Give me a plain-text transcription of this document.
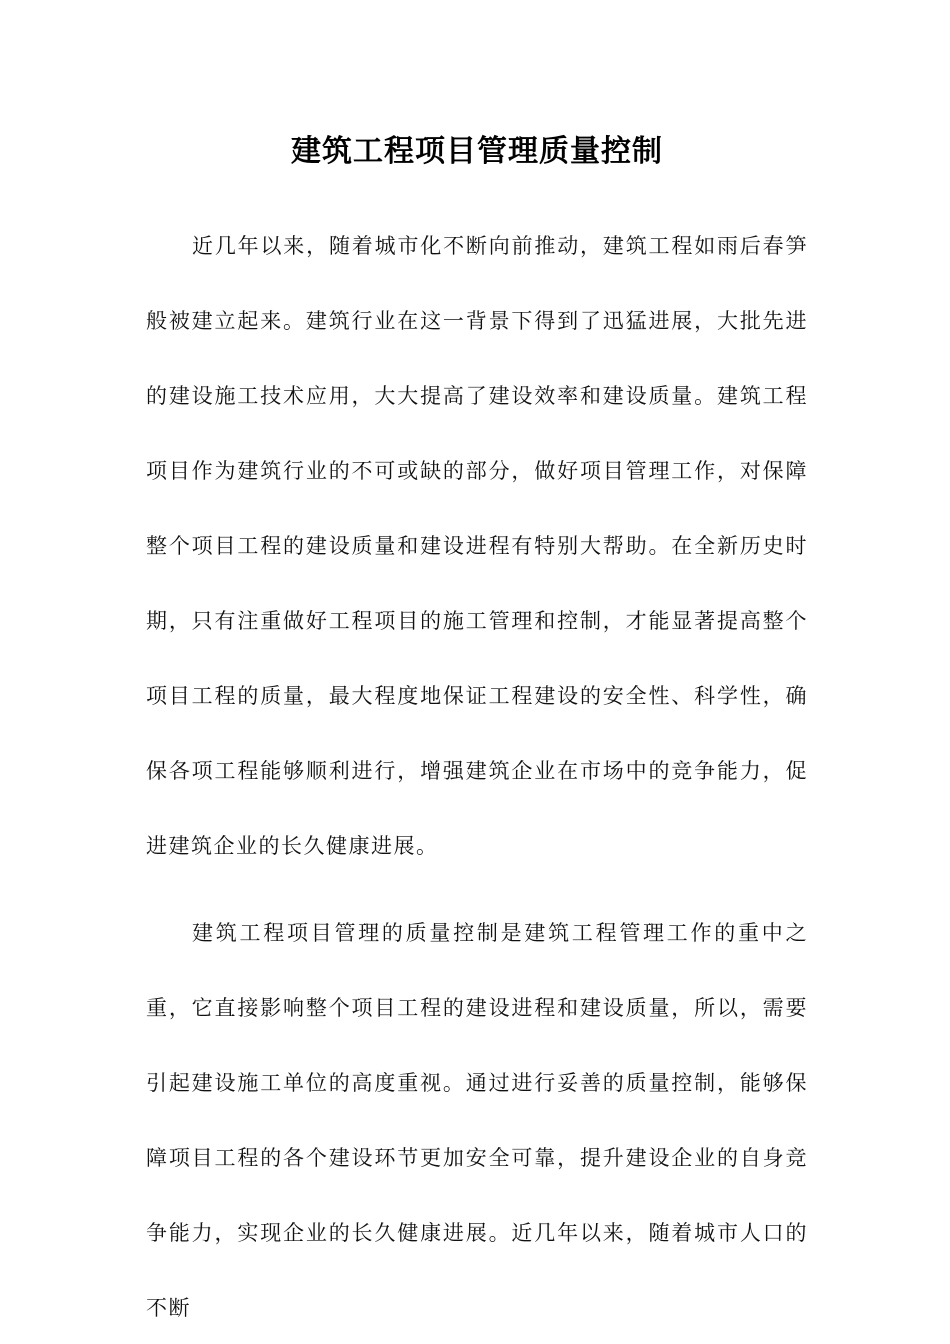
建筑工程项目管理质量控制

近几年以来，随着城市化不断向前推动，建筑工程如雨后春笋般被建立起来。建筑行业在这一背景下得到了迅猛进展，大批先进的建设施工技术应用，大大提高了建设效率和建设质量。建筑工程项目作为建筑行业的不可或缺的部分，做好项目管理工作，对保障整个项目工程的建设质量和建设进程有特别大帮助。在全新历史时期，只有注重做好工程项目的施工管理和控制，才能显著提高整个项目工程的质量，最大程度地保证工程建设的安全性、科学性，确保各项工程能够顺利进行，增强建筑企业在市场中的竞争能力，促进建筑企业的长久健康进展。

建筑工程项目管理的质量控制是建筑工程管理工作的重中之重，它直接影响整个项目工程的建设进程和建设质量，所以，需要引起建设施工单位的高度重视。通过进行妥善的质量控制，能够保障项目工程的各个建设环节更加安全可靠，提升建设企业的自身竞争能力，实现企业的长久健康进展。近几年以来，随着城市人口的不断
